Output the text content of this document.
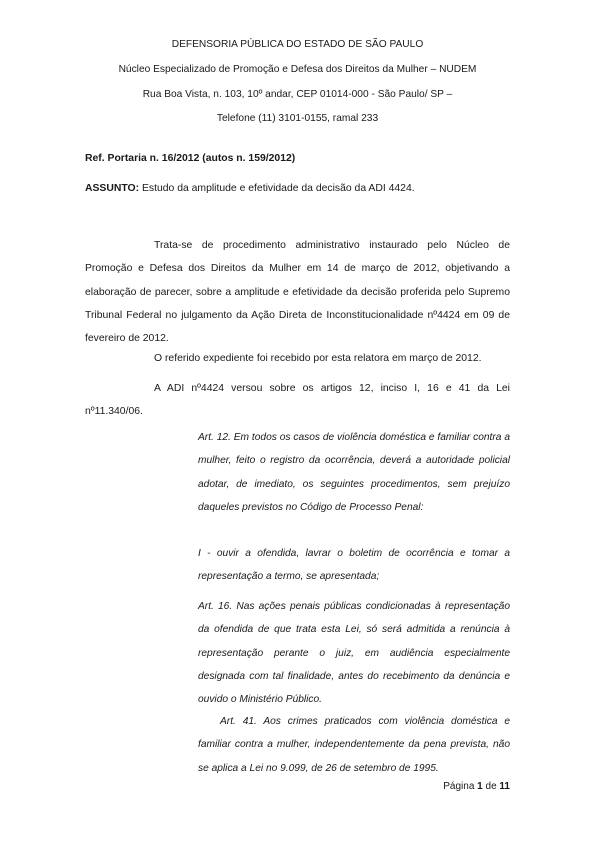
DEFENSORIA PÚBLICA DO ESTADO DE SÃO PAULO
Núcleo Especializado de Promoção e Defesa dos Direitos da Mulher – NUDEM
Rua Boa Vista, n. 103, 10º andar, CEP 01014-000 - São Paulo/ SP –
Telefone (11) 3101-0155, ramal 233
Ref. Portaria n. 16/2012 (autos n. 159/2012)
ASSUNTO: Estudo da amplitude e efetividade da decisão da ADI 4424.
Trata-se de procedimento administrativo instaurado pelo Núcleo de Promoção e Defesa dos Direitos da Mulher em 14 de março de 2012, objetivando a elaboração de parecer, sobre a amplitude e efetividade da decisão proferida pelo Supremo Tribunal Federal no julgamento da Ação Direta de Inconstitucionalidade nº4424 em 09 de fevereiro de 2012.
O referido expediente foi recebido por esta relatora em março de 2012.
A ADI nº4424 versou sobre os artigos 12, inciso I, 16 e 41 da Lei nº11.340/06.
Art. 12. Em todos os casos de violência doméstica e familiar contra a mulher, feito o registro da ocorrência, deverá a autoridade policial adotar, de imediato, os seguintes procedimentos, sem prejuízo daqueles previstos no Código de Processo Penal:
I - ouvir a ofendida, lavrar o boletim de ocorrência e tomar a representação a termo, se apresentada;
Art. 16. Nas ações penais públicas condicionadas à representação da ofendida de que trata esta Lei, só será admitida a renúncia à representação perante o juiz, em audiência especialmente designada com tal finalidade, antes do recebimento da denúncia e ouvido o Ministério Público.
Art. 41. Aos crimes praticados com violência doméstica e familiar contra a mulher, independentemente da pena prevista, não se aplica a Lei no 9.099, de 26 de setembro de 1995.
Página 1 de 11
